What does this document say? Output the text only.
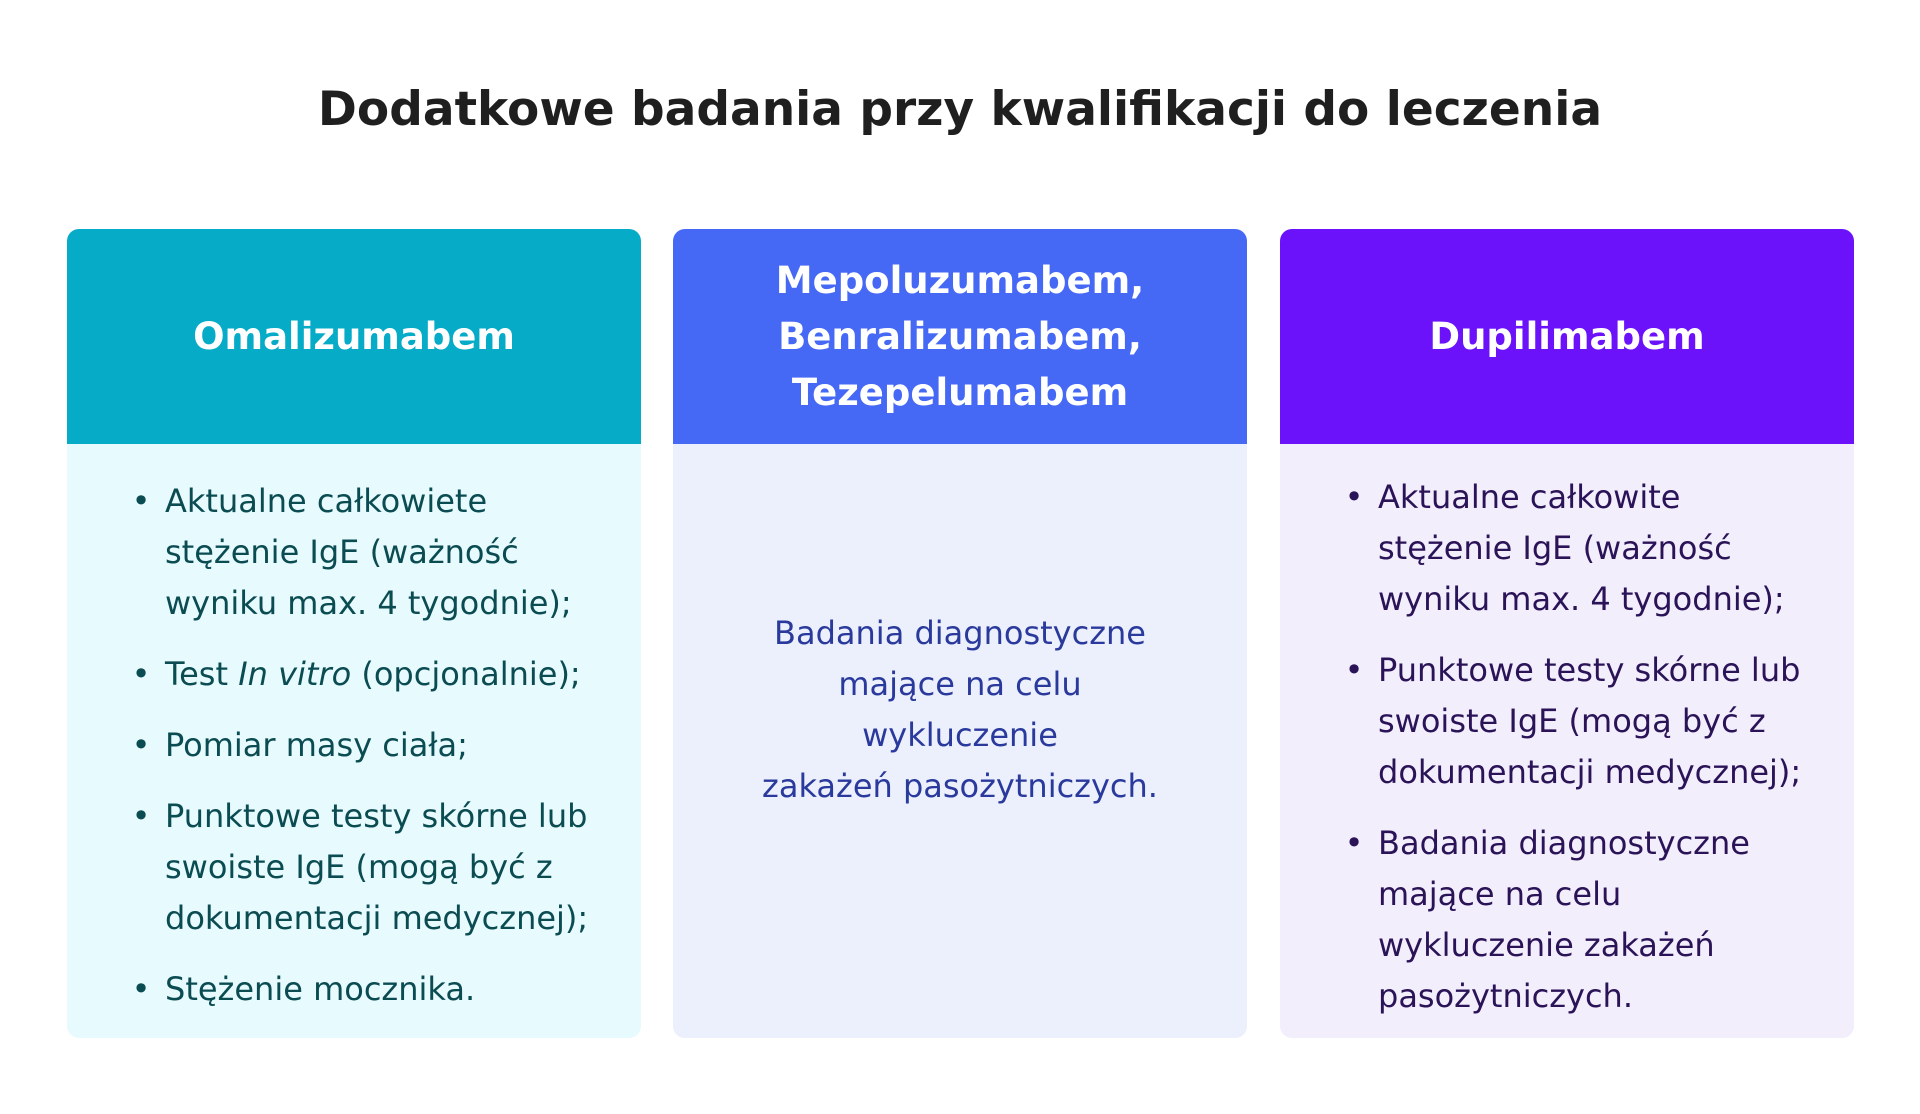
Dodatkowe badania przy kwalifikacji do leczenia
Omalizumabem
• Aktualne całkowiete
stężenie IgE (ważność
wyniku max. 4 tygodnie);
• Test In vitro (opcjonalnie);
• Pomiar masy ciała;
• Punktowe testy skórne lub
swoiste IgE (mogą być z
dokumentacji medycznej);
• Stężenie mocznika.
Mepoluzumabem,
Benralizumabem,
Tezepelumabem
Badania diagnostyczne
mające na celu wykluczenie
zakażeń pasożytniczych.
Dupilimabem
• Aktualne całkowite
stężenie IgE (ważność
wyniku max. 4 tygodnie);
• Punktowe testy skórne lub
swoiste IgE (mogą być z
dokumentacji medycznej);
• Badania diagnostyczne
mające na celu
wykluczenie zakażeń
pasożytniczych.
